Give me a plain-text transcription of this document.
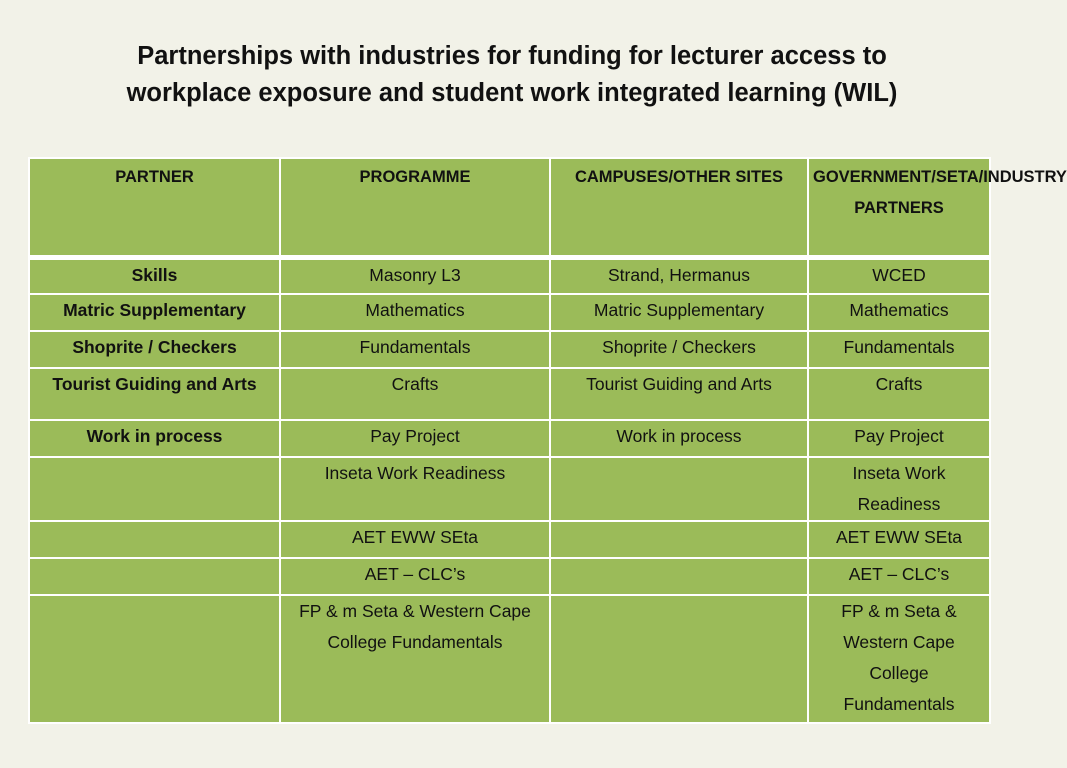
Partnerships with industries for funding for lecturer access to
workplace exposure and student work integrated learning (WIL)
PARTNER	PROGRAMME	CAMPUSES/OTHER SITES	GOVERNMENT/SETA/INDUSTRY PARTNERS
Skills	Masonry L3	Strand, Hermanus	WCED
Matric Supplementary	Mathematics	Matric Supplementary	Mathematics
Shoprite / Checkers	Fundamentals	Shoprite / Checkers	Fundamentals
Tourist Guiding and Arts	Crafts	Tourist Guiding and Arts	Crafts
Work in process	Pay Project	Work in process	Pay Project
	Inseta Work Readiness		Inseta Work Readiness
	AET EWW SEta		AET EWW SEta
	AET – CLC’s		AET – CLC’s
	FP & m Seta & Western Cape College Fundamentals		FP & m Seta & Western Cape College Fundamentals
